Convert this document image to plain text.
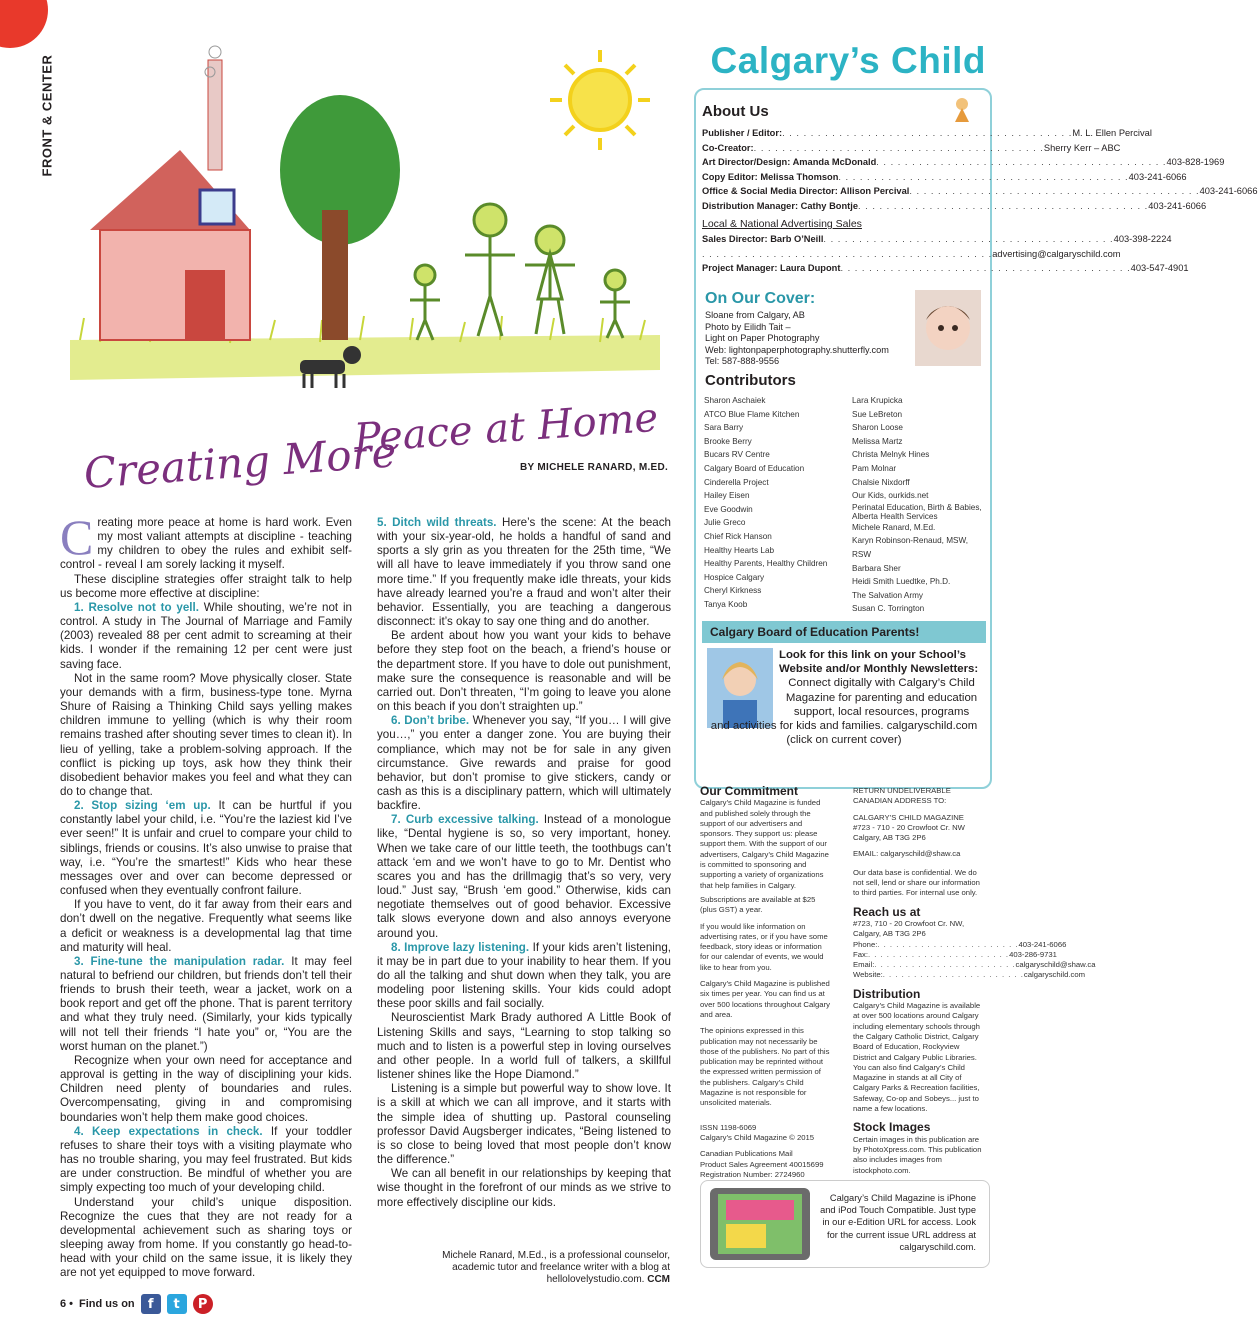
FRONT & CENTER
Creating More
Peace at Home
BY MICHELE RANARD, M.ED.

Creating more peace at home is hard work. Even my most valiant attempts at discipline - teaching my children to obey the rules and exhibit self-control - reveal I am sorely lacking it myself.

These discipline strategies offer straight talk to help us become more effective at discipline:

1. Resolve not to yell. While shouting, we’re not in control. A study in The Journal of Marriage and Family (2003) revealed 88 per cent admit to screaming at their kids. I wonder if the remaining 12 per cent were just saving face.

Not in the same room? Move physically closer. State your demands with a firm, business-type tone. Myrna Shure of Raising a Thinking Child says yelling makes children immune to yelling (which is why their room remains trashed after shouting sever times to clean it). In lieu of yelling, take a problem-solving approach. If the conflict is picking up toys, ask how they think their disobedient behavior makes you feel and what they can do to change that.

2. Stop sizing ‘em up. It can be hurtful if you constantly label your child, i.e. “You’re the laziest kid I’ve ever seen!” It is unfair and cruel to compare your child to siblings, friends or cousins. It’s also unwise to praise that way, i.e. “You’re the smartest!” Kids who hear these messages over and over can become depressed or confused when they eventually confront failure.

If you have to vent, do it far away from their ears and don’t dwell on the negative. Frequently what seems like a deficit or weakness is a developmental lag that time and maturity will heal.

3. Fine-tune the manipulation radar. It may feel natural to befriend our children, but friends don’t tell their friends to brush their teeth, wear a jacket, work on a book report and get off the phone. That is parent territory and what they truly need. (Similarly, your kids typically will not tell their friends “I hate you” or, “You are the worst human on the planet.”)

Recognize when your own need for acceptance and approval is getting in the way of disciplining your kids. Children need plenty of boundaries and rules. Overcompensating, giving in and compromising boundaries won’t help them make good choices.

4. Keep expectations in check. If your toddler refuses to share their toys with a visiting playmate who has no trouble sharing, you may feel frustrated. But kids are under construction. Be mindful of whether you are simply expecting too much of your developing child.

Understand your child’s unique disposition. Recognize the cues that they are not ready for a developmental achievement such as sharing toys or sleeping away from home. If you constantly go head-to-head with your child on the same issue, it is likely they are not yet equipped to move forward.

5. Ditch wild threats. Here’s the scene: At the beach with your six-year-old, he holds a handful of sand and sports a sly grin as you threaten for the 25th time, “We will all have to leave immediately if you throw sand one more time.” If you frequently make idle threats, your kids have already learned you’re a fraud and won’t alter their behavior. Essentially, you are teaching a dangerous disconnect: it’s okay to say one thing and do another.

Be ardent about how you want your kids to behave before they step foot on the beach, a friend’s house or the department store. If you have to dole out punishment, make sure the consequence is reasonable and will be carried out. Don’t threaten, “I’m going to leave you alone on this beach if you don’t straighten up.”

6. Don’t bribe. Whenever you say, “If you… I will give you…,” you enter a danger zone. You are buying their compliance, which may not be for sale in any given circumstance. Give rewards and praise for good behavior, but don’t promise to give stickers, candy or cash as this is a disciplinary pattern, which will ultimately backfire.

7. Curb excessive talking. Instead of a monologue like, “Dental hygiene is so, so very important, honey. When we take care of our little teeth, the toothbugs can’t attack ‘em and we won’t have to go to Mr. Dentist who scares you and has the drillmagig that’s so very, very loud.” Just say, “Brush ‘em good.” Otherwise, kids can negotiate themselves out of good behavior. Excessive talk slows everyone down and also annoys everyone around you.

8. Improve lazy listening. If your kids aren’t listening, it may be in part due to your inability to hear them. If you do all the talking and shut down when they talk, you are modeling poor listening skills. Your kids could adopt these poor skills and fail socially.

Neuroscientist Mark Brady authored A Little Book of Listening Skills and says, “Learning to stop talking so much and to listen is a powerful step in loving ourselves and other people. In a world full of talkers, a skillful listener shines like the Hope Diamond.”

Listening is a simple but powerful way to show love. It is a skill at which we can all improve, and it starts with the simple idea of shutting up. Pastoral counseling professor David Augsberger indicates, “Being listened to is so close to being loved that most people don’t know the difference.”

We can all benefit in our relationships by keeping that wise thought in the forefront of our minds as we strive to more effectively discipline our kids.

Michele Ranard, M.Ed., is a professional counselor,
academic tutor and freelance writer with a blog at
hellolovelystudio.com. CCM
6 • Find us on	f	t	P
Calgary’s Child
About Us
Publisher / Editor: . . . . . . . . . . . . . . . . . . . . . . . . . . . . . . . . . . . . . . . . . M. L. Ellen Percival
Co-Creator: . . . . . . . . . . . . . . . . . . . . . . . . . . . . . . . . . . . . . . . . . Sherry Kerr – ABC
Art Director/Design: Amanda McDonald . . . . . . . . . . . . . . . . . . . . . . . . . . . . . . . . . . . . . . . . . 403-828-1969
Copy Editor: Melissa Thomson . . . . . . . . . . . . . . . . . . . . . . . . . . . . . . . . . . . . . . . . . 403-241-6066
Office & Social Media Director: Allison Percival . . . . . . . . . . . . . . . . . . . . . . . . . . . . . . . . . . . . . . . . . 403-241-6066
Distribution Manager: Cathy Bontje . . . . . . . . . . . . . . . . . . . . . . . . . . . . . . . . . . . . . . . . . 403-241-6066
Local & National Advertising Sales
Sales Director: Barb O’Neill . . . . . . . . . . . . . . . . . . . . . . . . . . . . . . . . . . . . . . . . . 403-398-2224
. . . . . . . . . . . . . . . . . . . . . . . . . . . . . . . . . . . . . . . . . advertising@calgaryschild.com
Project Manager: Laura Dupont . . . . . . . . . . . . . . . . . . . . . . . . . . . . . . . . . . . . . . . . . 403-547-4901
On Our Cover:
Sloane from Calgary, AB
Photo by Eilidh Tait –
Light on Paper Photography
Web: lightonpaperphotography.shutterfly.com
Tel: 587-888-9556
Contributors
Sharon Aschaiek
ATCO Blue Flame Kitchen
Sara Barry
Brooke Berry
Bucars RV Centre
Calgary Board of Education
Cinderella Project
Hailey Eisen
Eve Goodwin
Julie Greco
Chief Rick Hanson
Healthy Hearts Lab
Healthy Parents, Healthy Children
Hospice Calgary
Cheryl Kirkness
Tanya Koob
Lara Krupicka
Sue LeBreton
Sharon Loose
Melissa Martz
Christa Melnyk Hines
Pam Molnar
Chalsie Nixdorff
Our Kids, ourkids.net
Perinatal Education, Birth & Babies, Alberta Health Services
Michele Ranard, M.Ed.
Karyn Robinson-Renaud, MSW, RSW
Barbara Sher
Heidi Smith Luedtke, Ph.D.
The Salvation Army
Susan C. Torrington
Calgary Board of Education Parents!
Look for this link on your School’s Website and/or Monthly Newsletters:
Connect digitally with Calgary’s Child Magazine for parenting and education support, local resources, programs
and activities for kids and families. calgaryschild.com (click on current cover)
Our Commitment
Calgary’s Child Magazine is funded and published solely through the support of our advertisers and sponsors. They support us: please support them. With the support of our advertisers, Calgary’s Child Magazine is committed to sponsoring and supporting a variety of organizations that help families in Calgary.
Subscriptions are available at $25 (plus GST) a year.
If you would like information on advertising rates, or if you have some feedback, story ideas or information for our calendar of events, we would like to hear from you.
Calgary’s Child Magazine is published six times per year. You can find us at over 500 locations throughout Calgary and area.
The opinions expressed in this publication may not necessarily be those of the publishers. No part of this publication may be reprinted without the expressed written permission of the publishers. Calgary’s Child Magazine is not responsible for unsolicited materials.
ISSN 1198-6069
Calgary’s Child Magazine © 2015
Canadian Publications Mail
Product Sales Agreement 40015699
Registration Number: 2724960
RETURN UNDELIVERABLE
CANADIAN ADDRESS TO:
CALGARY’S CHILD MAGAZINE
#723 - 710 - 20 Crowfoot Cr. NW
Calgary, AB T3G 2P6
EMAIL: calgaryschild@shaw.ca
Our data base is confidential. We do not sell, lend or share our information to third parties. For internal use only.
Reach us at
#723, 710 - 20 Crowfoot Cr. NW,
Calgary, AB T3G 2P6
Phone: . . . . . . . . . . . . . . . . . . . . . . . 403-241-6066
Fax: . . . . . . . . . . . . . . . . . . . . . . . 403-286-9731
Email: . . . . . . . . . . . . . . . . . . . . . . . calgaryschild@shaw.ca
Website: . . . . . . . . . . . . . . . . . . . . . . . calgaryschild.com
Distribution
Calgary’s Child Magazine is available at over 500 locations around Calgary including elementary schools through the Calgary Catholic District, Calgary Board of Education, Rockyview District and Calgary Public Libraries. You can also find Calgary’s Child Magazine in stands at all City of Calgary Parks & Recreation facilities, Safeway, Co-op and Sobeys... just to name a few locations.
Stock Images
Certain images in this publication are by PhotoXpress.com. This publication also includes images from istockphoto.com.
Calgary’s Child Magazine is iPhone and iPod Touch Compatible. Just type in our e-Edition URL for access. Look for the current issue URL address at calgaryschild.com.
